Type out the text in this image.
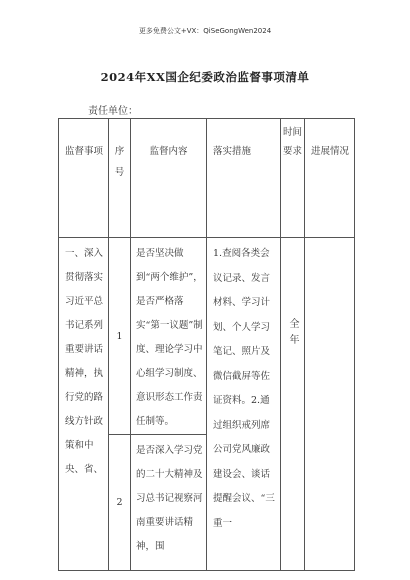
更多免费公文+VX：QiSeGongWen2024
2024年XX国企纪委政治监督事项清单
责任单位：
监督事项	序号	监督内容	落实措施	时间要求	进展情况

一、深入贯彻落实习近平总书记系列重要讲话精神，执行党的路线方针政策和中央、省、	1	是否坚决做到“两个维护”，是否严格落实“第一议题”制度、理论学习中心组学习制度、意识形态工作责任制等。	1.查阅各类会议记录、发言材料、学习计划、个人学习笔记、照片及微信截屏等佐证资料。2.通过组织戒列席公司党风廉政建设会、谈话提醒会议、“三重一	全年	
	2	是否深入学习党的二十大精神及习总书记视察河南重要讲话精神，围			
